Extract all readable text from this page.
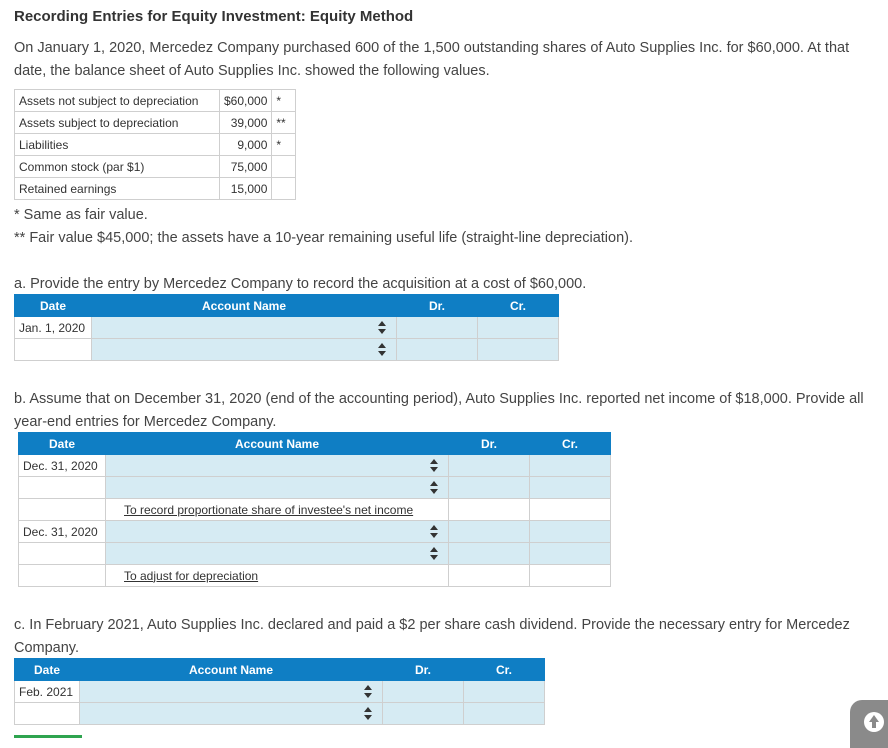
Recording Entries for Equity Investment: Equity Method
On January 1, 2020, Mercedez Company purchased 600 of the 1,500 outstanding shares of Auto Supplies Inc. for $60,000. At that date, the balance sheet of Auto Supplies Inc. showed the following values.
Assets not subject to depreciation	$60,000	*
Assets subject to depreciation	39,000	**
Liabilities	9,000	*
Common stock (par $1)	75,000	
Retained earnings	15,000	
* Same as fair value.
** Fair value $45,000; the assets have a 10-year remaining useful life (straight-line depreciation).
a. Provide the entry by Mercedez Company to record the acquisition at a cost of $60,000.
Date	Account Name	Dr.	Cr.
Jan. 1, 2020	

b. Assume that on December 31, 2020 (end of the accounting period), Auto Supplies Inc. reported net income of $18,000. Provide all year-end entries for Mercedez Company.
Date	Account Name	Dr.	Cr.
Dec. 31, 2020	

	To record proportionate share of investee's net income		
Dec. 31, 2020	

	To adjust for depreciation		
c. In February 2021, Auto Supplies Inc. declared and paid a $2 per share cash dividend. Provide the necessary entry for Mercedez Company.
Date	Account Name	Dr.	Cr.
Feb. 2021	
